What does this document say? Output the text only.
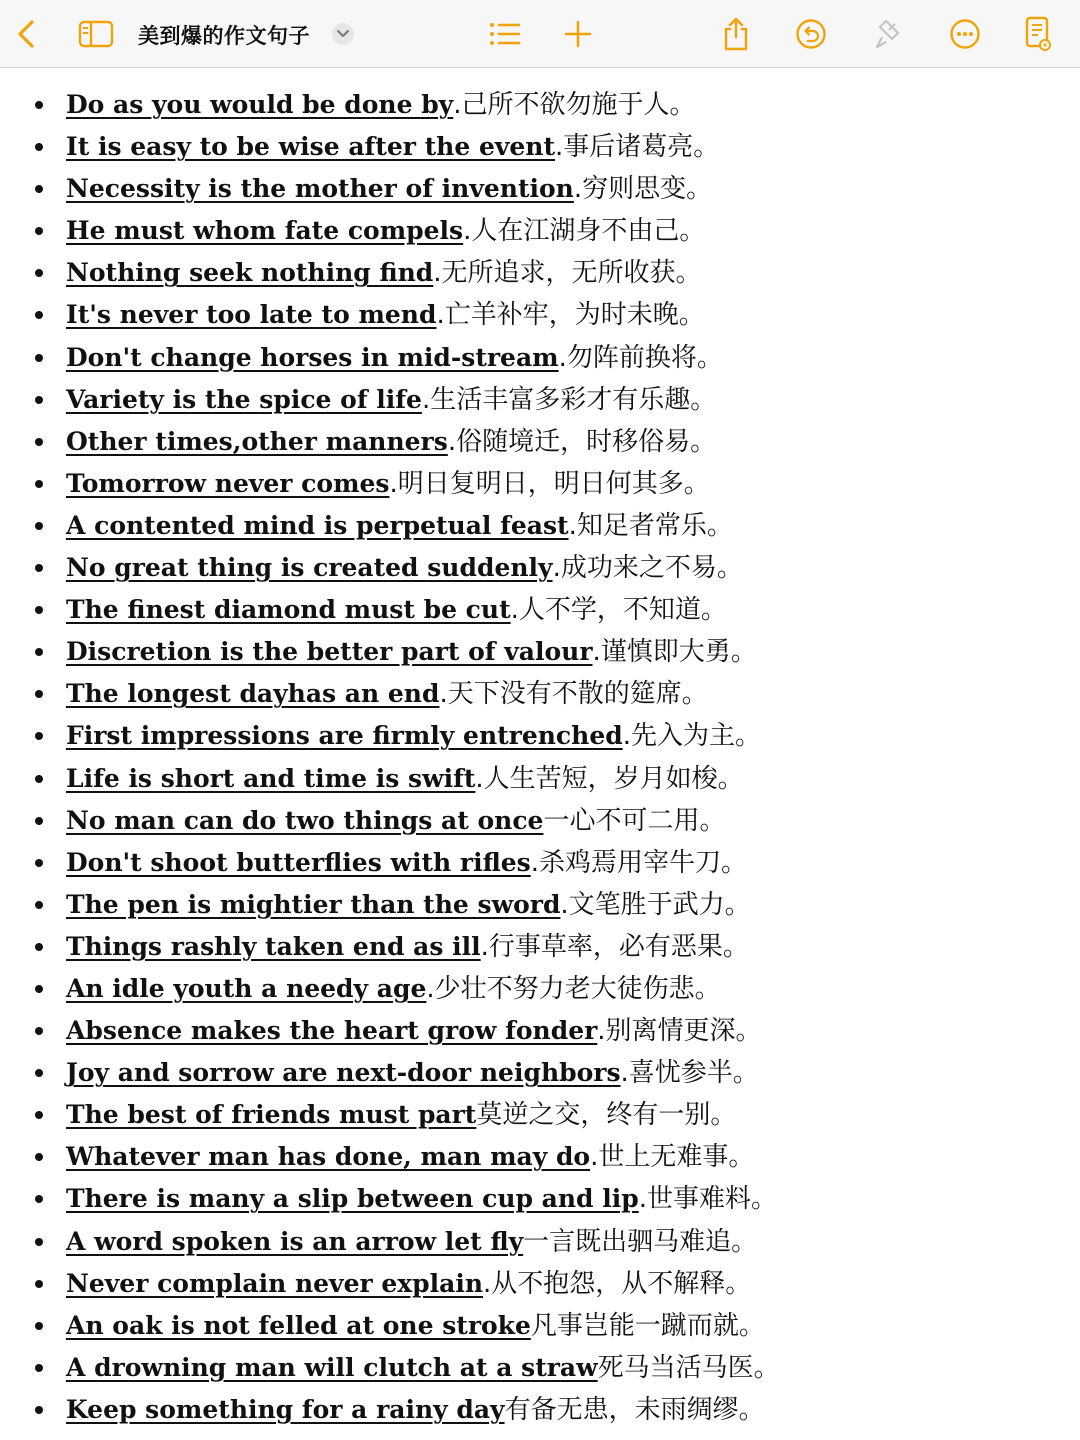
美到爆的作文句子
Do as you would be done by.己所不欲勿施于人。
It is easy to be wise after the event.事后诸葛亮。
Necessity is the mother of invention.穷则思变。
He must whom fate compels.人在江湖身不由己。
Nothing seek nothing find.无所追求，无所收获。
It's never too late to mend.亡羊补牢，为时未晚。
Don't change horses in mid-stream.勿阵前换将。
Variety is the spice of life.生活丰富多彩才有乐趣。
Other times,other manners.俗随境迁，时移俗易。
Tomorrow never comes.明日复明日，明日何其多。
A contented mind is perpetual feast.知足者常乐。
No great thing is created suddenly.成功来之不易。
The finest diamond must be cut.人不学，不知道。
Discretion is the better part of valour.谨慎即大勇。
The longest dayhas an end.天下没有不散的筵席。
First impressions are firmly entrenched.先入为主。
Life is short and time is swift.人生苦短，岁月如梭。
No man can do two things at once一心不可二用。
Don't shoot butterflies with rifles.杀鸡焉用宰牛刀。
The pen is mightier than the sword.文笔胜于武力。
Things rashly taken end as ill.行事草率，必有恶果。
An idle youth a needy age.少壮不努力老大徒伤悲。
Absence makes the heart grow fonder.别离情更深。
Joy and sorrow are next-door neighbors.喜忧参半。
The best of friends must part莫逆之交，终有一别。
Whatever man has done, man may do.世上无难事。
There is many a slip between cup and lip.世事难料。
A word spoken is an arrow let fly一言既出驷马难追。
Never complain never explain.从不抱怨，从不解释。
An oak is not felled at one stroke凡事岂能一蹴而就。
A drowning man will clutch at a straw死马当活马医。
Keep something for a rainy day有备无患，未雨绸缪。
